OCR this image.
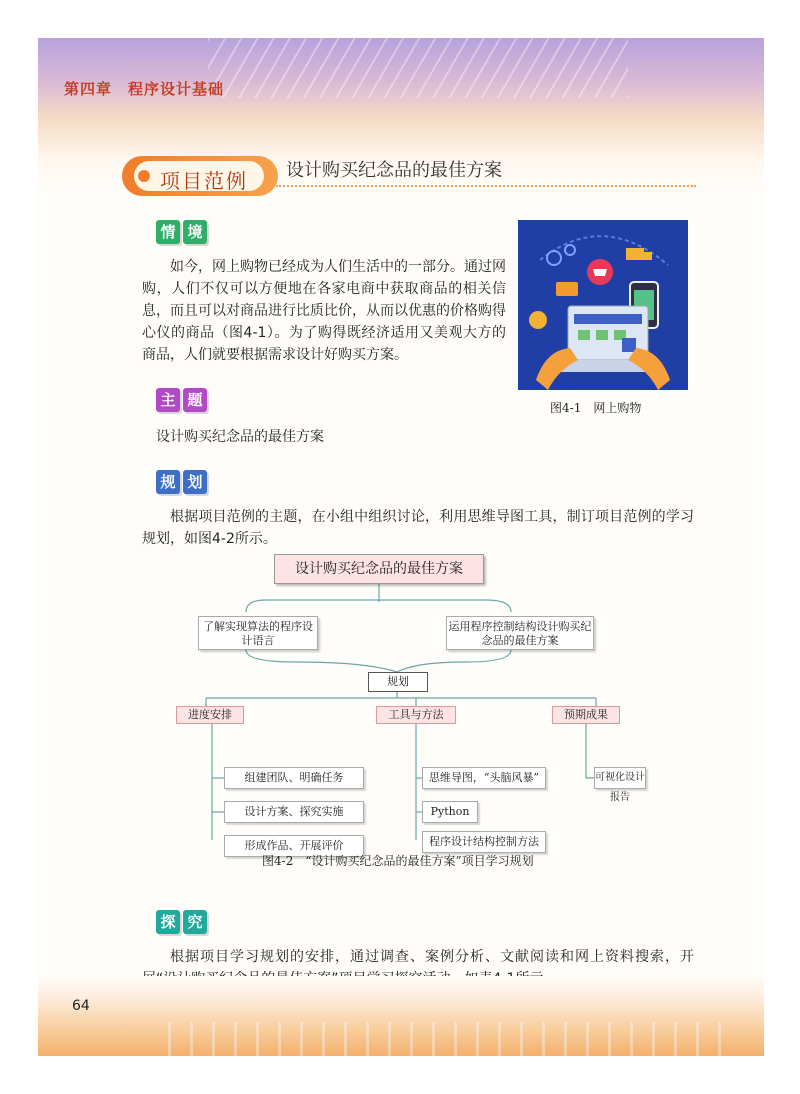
第四章　程序设计基础
项目范例 设计购买纪念品的最佳方案
情 境
如今，网上购物已经成为人们生活中的一部分。通过网购，人们不仅可以方便地在各家电商中获取商品的相关信息，而且可以对商品进行比质比价，从而以优惠的价格购得心仪的商品（图4-1）。为了购得既经济适用又美观大方的商品，人们就要根据需求设计好购买方案。
图4-1　网上购物
主 题
设计购买纪念品的最佳方案
规 划
根据项目范例的主题，在小组中组织讨论，利用思维导图工具，制订项目范例的学习规划，如图4-2所示。
设计购买纪念品的最佳方案
了解实现算法的程序设计语言
运用程序控制结构设计购买纪念品的最佳方案
规划
进度安排	工具与方法	预期成果
组建团队、明确任务
设计方案、探究实施
形成作品、开展评价
思维导图，“头脑风暴”
Python
程序设计结构控制方法
可视化设计报告
图4-2　“设计购买纪念品的最佳方案”项目学习规划
探 究
根据项目学习规划的安排，通过调查、案例分析、文献阅读和网上资料搜索，开
64
